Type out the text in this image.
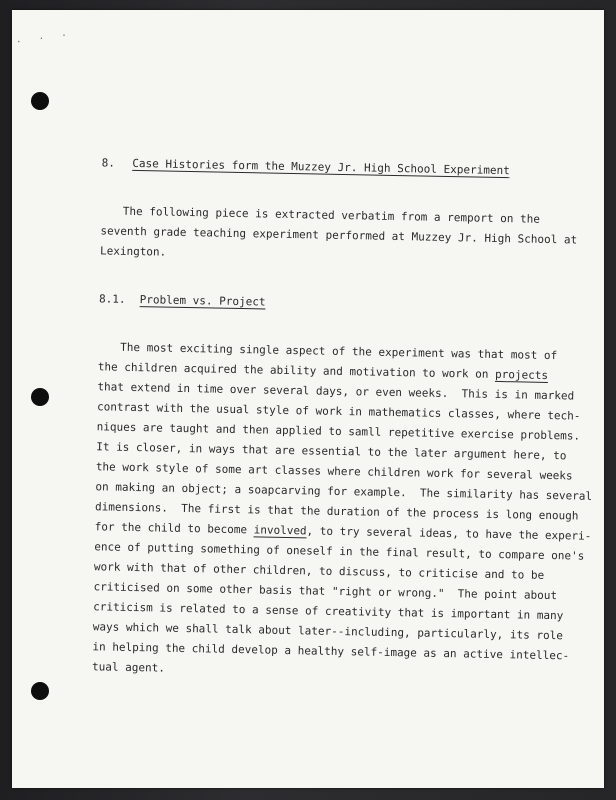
· · ·
8. Case Histories form the Muzzey Jr. High School Experiment
The following piece is extracted verbatim from a remport on the
seventh grade teaching experiment performed at Muzzey Jr. High School at
Lexington.
8.1. Problem vs. Project
The most exciting single aspect of the experiment was that most of
the children acquired the ability and motivation to work on projects
that extend in time over several days, or even weeks.  This is in marked
contrast with the usual style of work in mathematics classes, where tech-
niques are taught and then applied to samll repetitive exercise problems.
It is closer, in ways that are essential to the later argument here, to
the work style of some art classes where children work for several weeks
on making an object; a soapcarving for example.  The similarity has several
dimensions.  The first is that the duration of the process is long enough
for the child to become involved, to try several ideas, to have the experi-
ence of putting something of oneself in the final result, to compare one's
work with that of other children, to discuss, to criticise and to be
criticised on some other basis that "right or wrong."  The point about
criticism is related to a sense of creativity that is important in many
ways which we shall talk about later--including, particularly, its role
in helping the child develop a healthy self-image as an active intellec-
tual agent.
